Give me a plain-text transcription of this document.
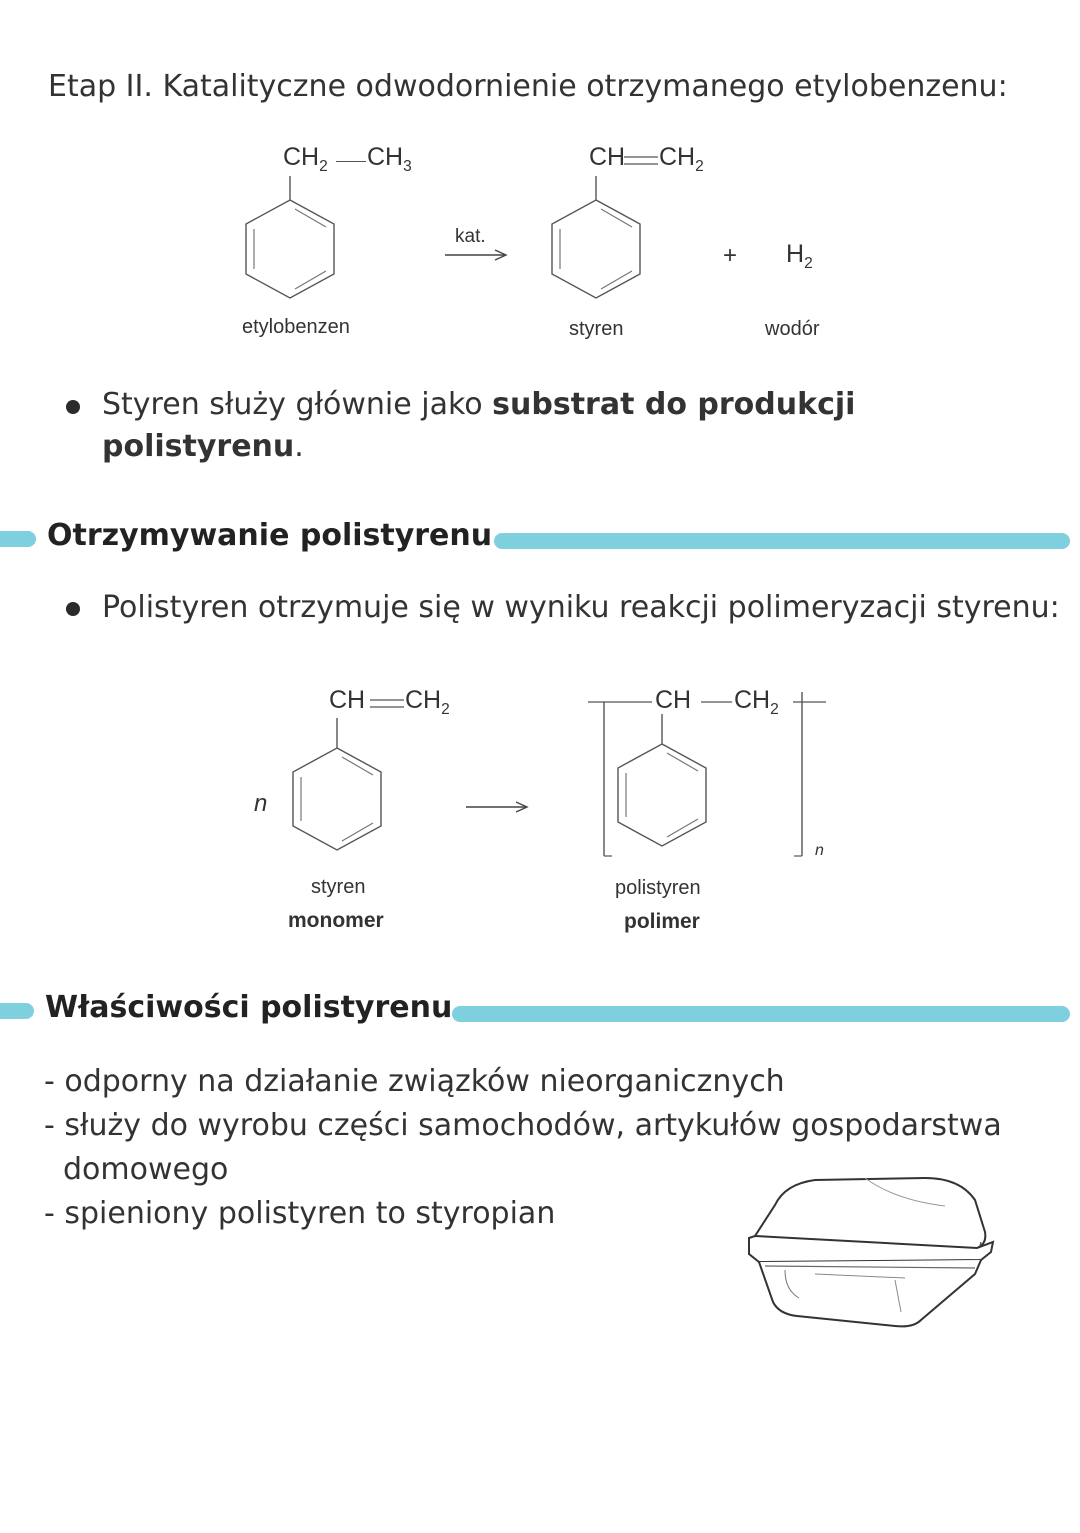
Etap II. Katalityczne odwodornienie otrzymanego etylobenzenu:
$CH_2$ $CH_3$
kat.
CH $CH_2$
+ $H_2$
etylobenzen	styren	wodór
Styren służy głównie jako substrat do produkcji
polistyrenu.
Otrzymywanie polistyrenu
Polistyren otrzymuje się w wyniku reakcji polimeryzacji styrenu:
n
CH $CH_2$	CH $CH_2$
n
styren
monomer
polistyren
polimer
Właściwości polistyrenu
- odporny na działanie związków nieorganicznych
- służy do wyrobu części samochodów, artykułów gospodarstwa
domowego
- spieniony polistyren to styropian
